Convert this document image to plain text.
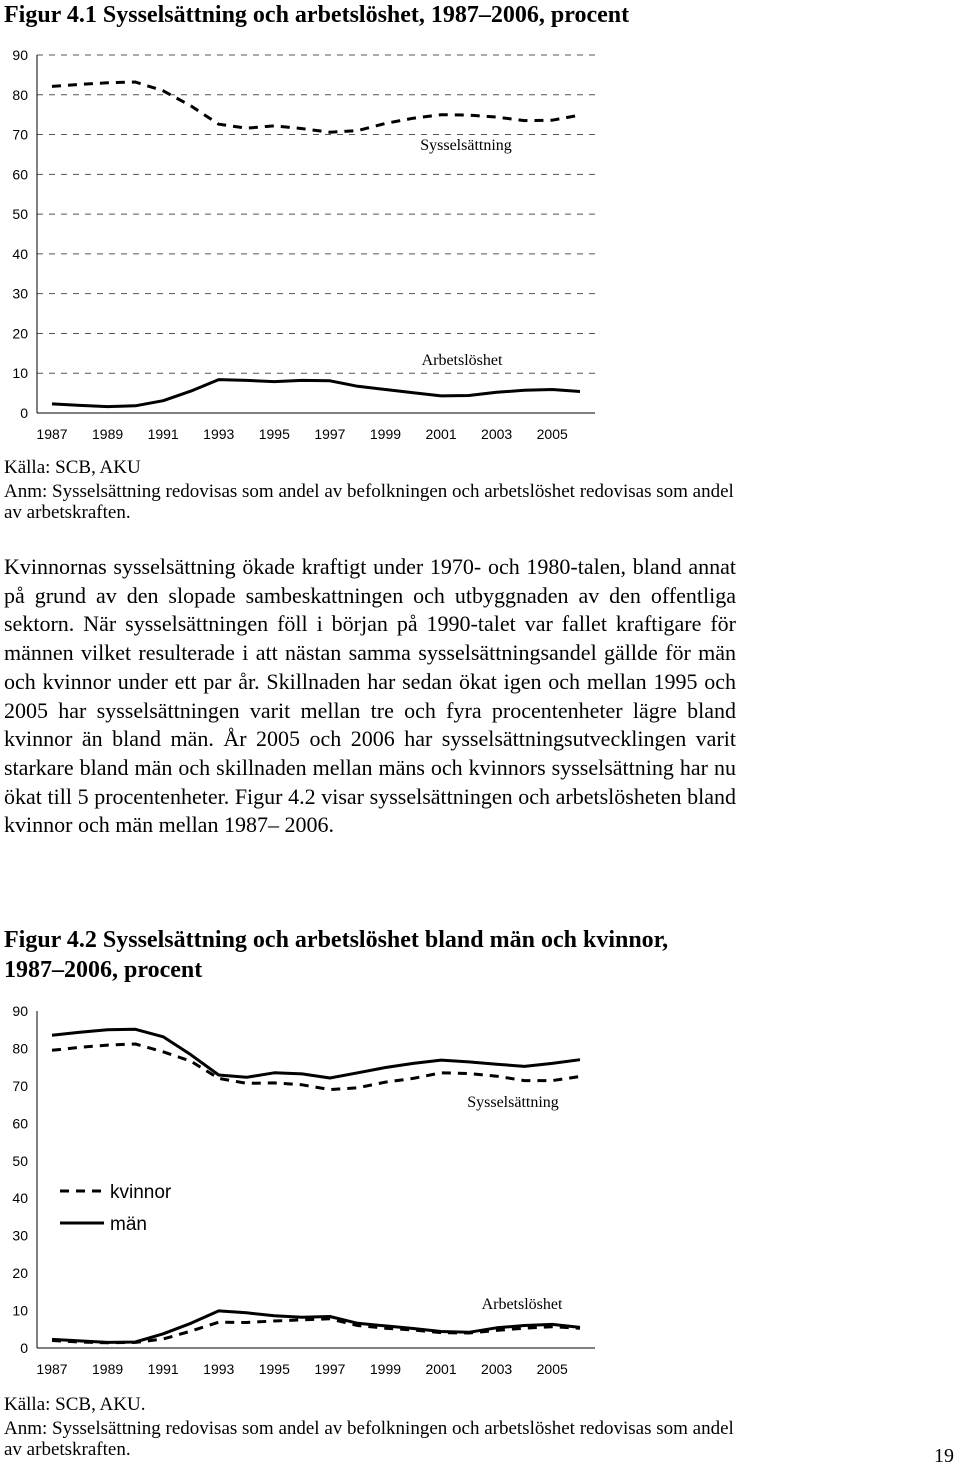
Figur 4.1 Sysselsättning och arbetslöshet, 1987–2006, procent
0
10
20
30
40
50
60
70
80
90
1987 1989 1991 1993 1995 1997 1999 2001 2003 2005
Sysselsättning
Arbetslöshet
Källa: SCB, AKU
Anm: Sysselsättning redovisas som andel av befolkningen och arbetslöshet redovisas som andel av arbetskraften.
Kvinnornas sysselsättning ökade kraftigt under 1970- och 1980-talen, bland annat på grund av den slopade sambeskattningen och utbyggnaden av den offentliga sektorn. När sysselsättningen föll i början på 1990-talet var fallet kraftigare för männen vilket resulterade i att nästan samma sysselsättningsandel gällde för män och kvinnor under ett par år. Skillnaden har sedan ökat igen och mellan 1995 och 2005 har sysselsättningen varit mellan tre och fyra procentenheter lägre bland kvinnor än bland män. År 2005 och 2006 har sysselsättningsutvecklingen varit starkare bland män och skillnaden mellan mäns och kvinnors sysselsättning har nu ökat till 5 procentenheter. Figur 4.2 visar sysselsättningen och arbetslösheten bland kvinnor och män mellan 1987– 2006.
Figur 4.2 Sysselsättning och arbetslöshet bland män och kvinnor, 1987–2006, procent
0
10
20
30
40
50
60
70
80
90
1987 1989 1991 1993 1995 1997 1999 2001 2003 2005
Sysselsättning
Arbetslöshet
kvinnor
män
Källa: SCB, AKU.
Anm: Sysselsättning redovisas som andel av befolkningen och arbetslöshet redovisas som andel av arbetskraften.	19
